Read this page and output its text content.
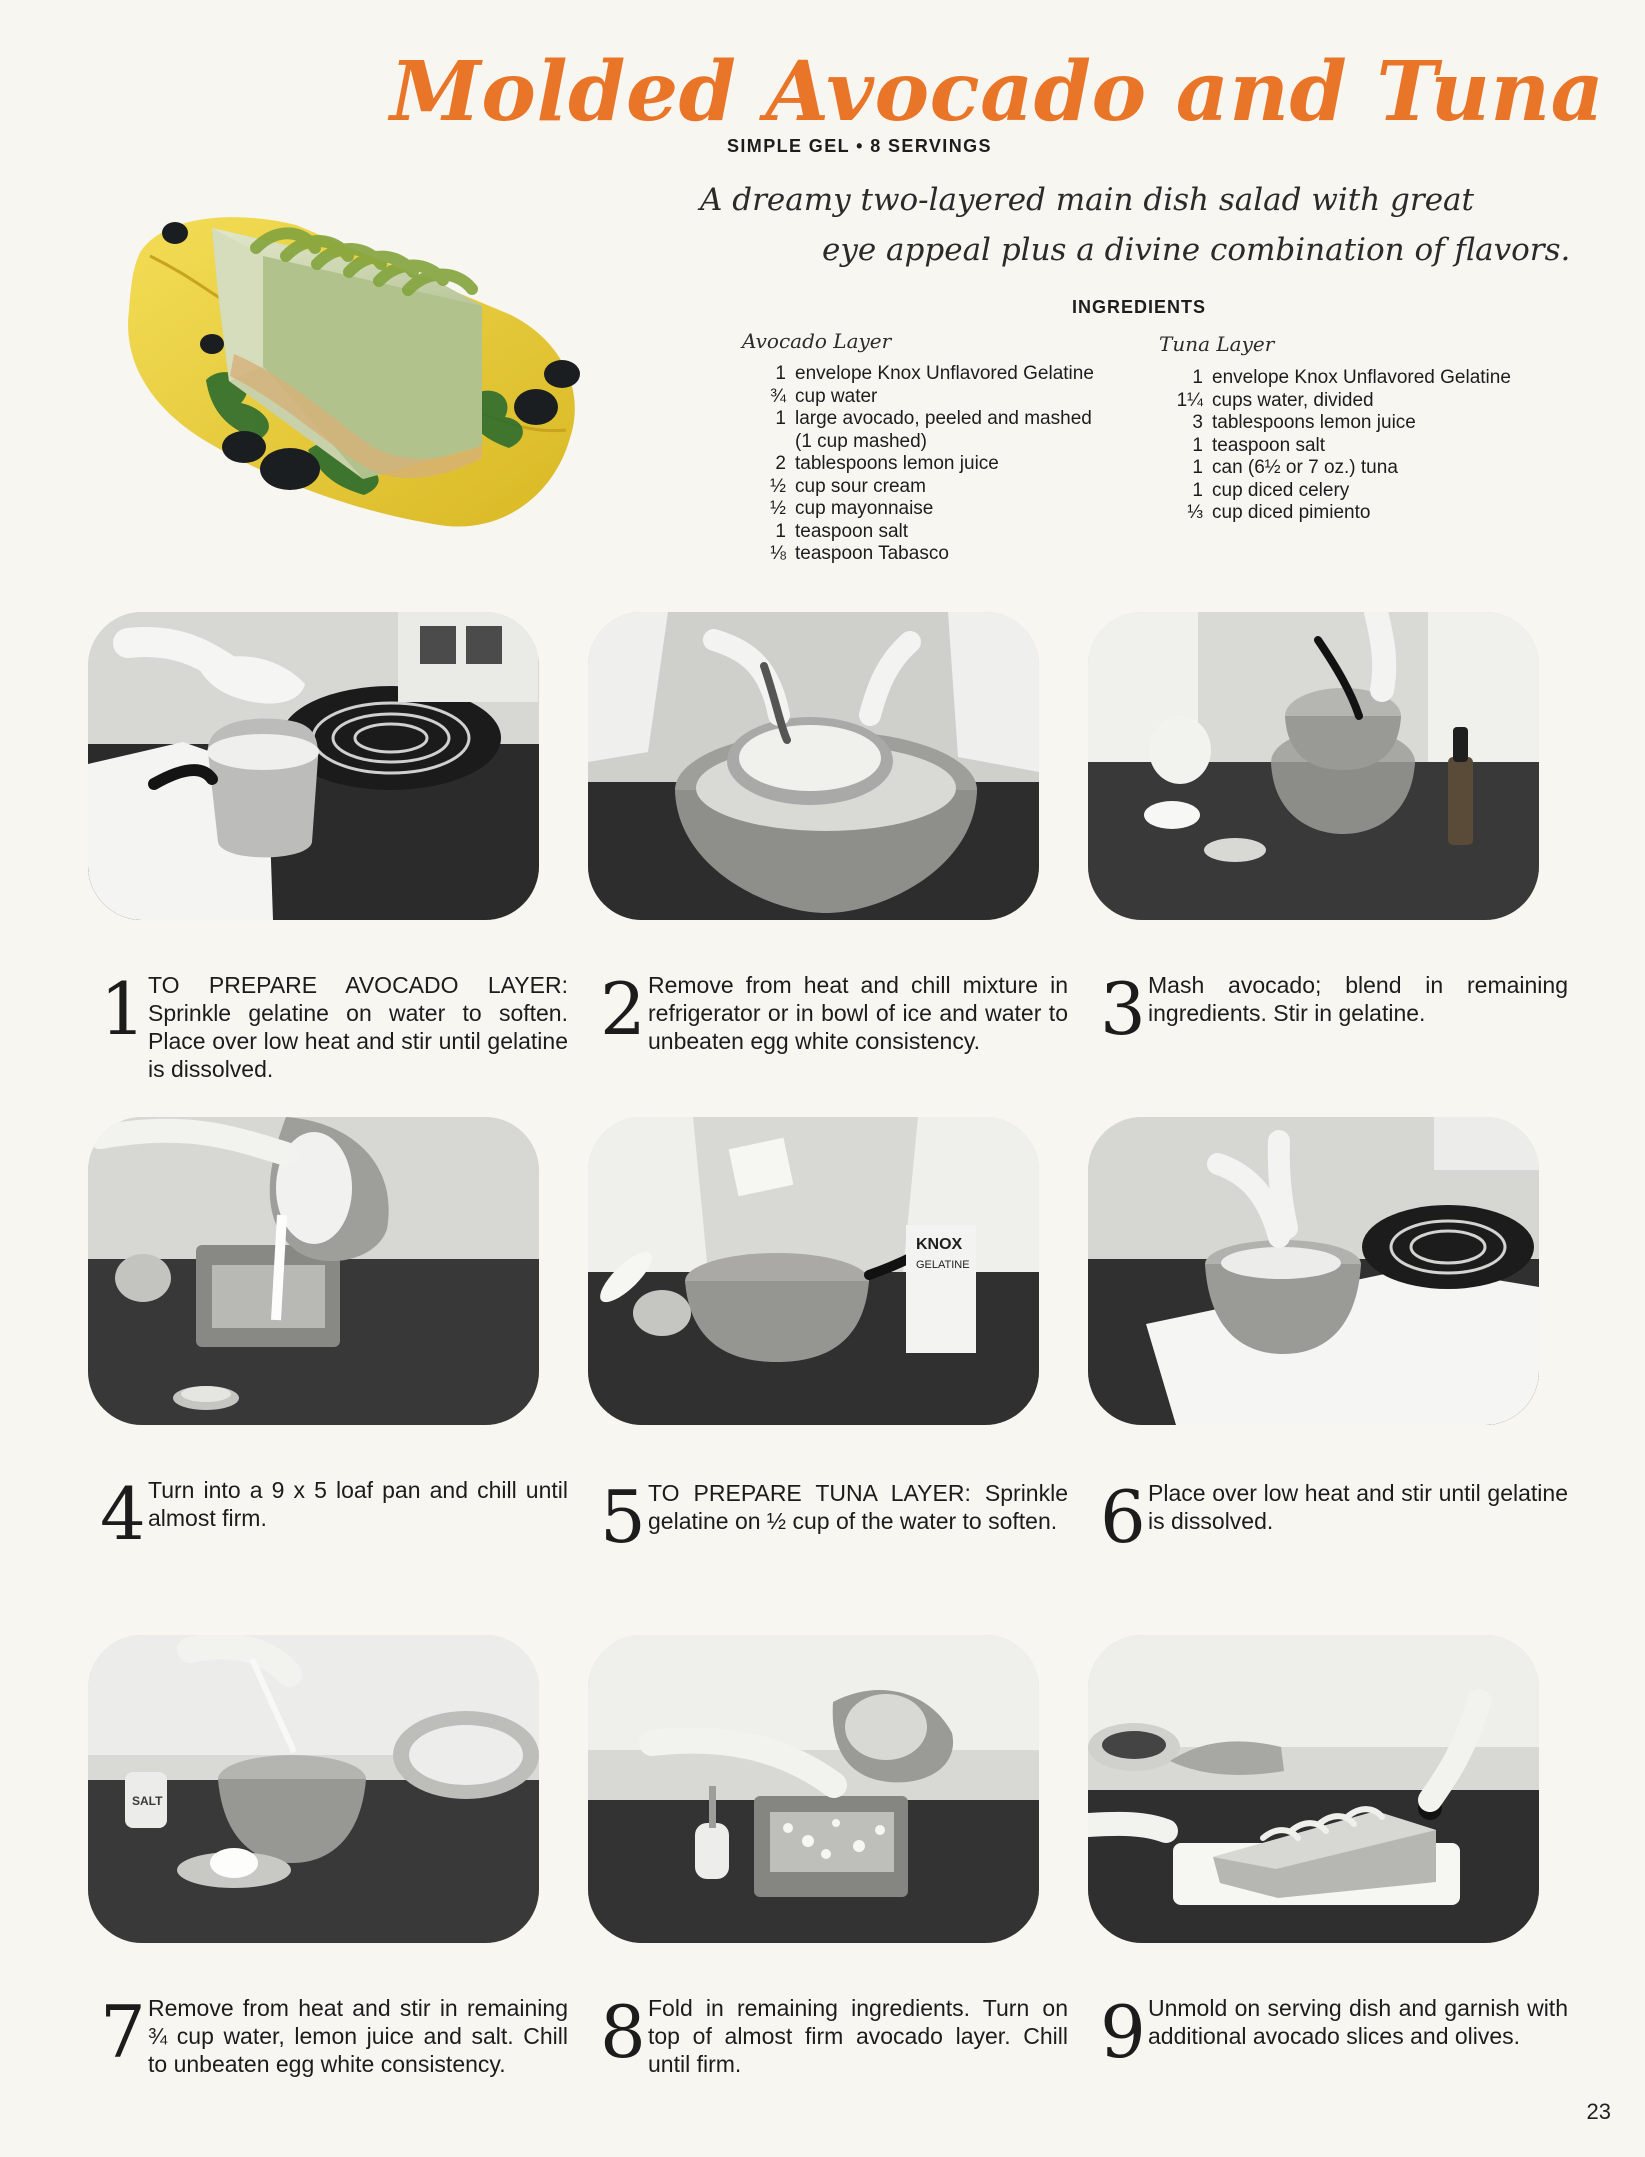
Molded Avocado and Tuna
SIMPLE GEL • 8 SERVINGS
A dreamy two-layered main dish salad with great
eye appeal plus a divine combination of flavors.
INGREDIENTS
Avocado Layer	Tuna Layer
1 envelope Knox Unflavored Gelatine
¾ cup water
1 large avocado, peeled and mashed
(1 cup mashed)
2 tablespoons lemon juice
½ cup sour cream
½ cup mayonnaise
1 teaspoon salt
⅛ teaspoon Tabasco
1 envelope Knox Unflavored Gelatine
1¼ cups water, divided
3 tablespoons lemon juice
1 teaspoon salt
1 can (6½ or 7 oz.) tuna
1 cup diced celery
⅓ cup diced pimiento
KNOX
GELATINE
SALT
1 TO PREPARE AVOCADO LAYER: Sprinkle gelatine on water to soften. Place over low heat and stir until gelatine is dissolved.
2 Remove from heat and chill mixture in refrigerator or in bowl of ice and water to unbeaten egg white consistency.	3 Mash avocado; blend in remaining ingredients. Stir in gelatine.
4 Turn into a 9 x 5 loaf pan and chill until almost firm.	5 TO PREPARE TUNA LAYER: Sprinkle gelatine on ½ cup of the water to soften. 6 Place over low heat and stir until gelatine is dissolved.
7 Remove from heat and stir in remaining ¾ cup water, lemon juice and salt. Chill to unbeaten egg white consistency.	8 Fold in remaining ingredients. Turn on top of almost firm avocado layer. Chill until firm.	9 Unmold on serving dish and garnish with additional avocado slices and olives.
23
